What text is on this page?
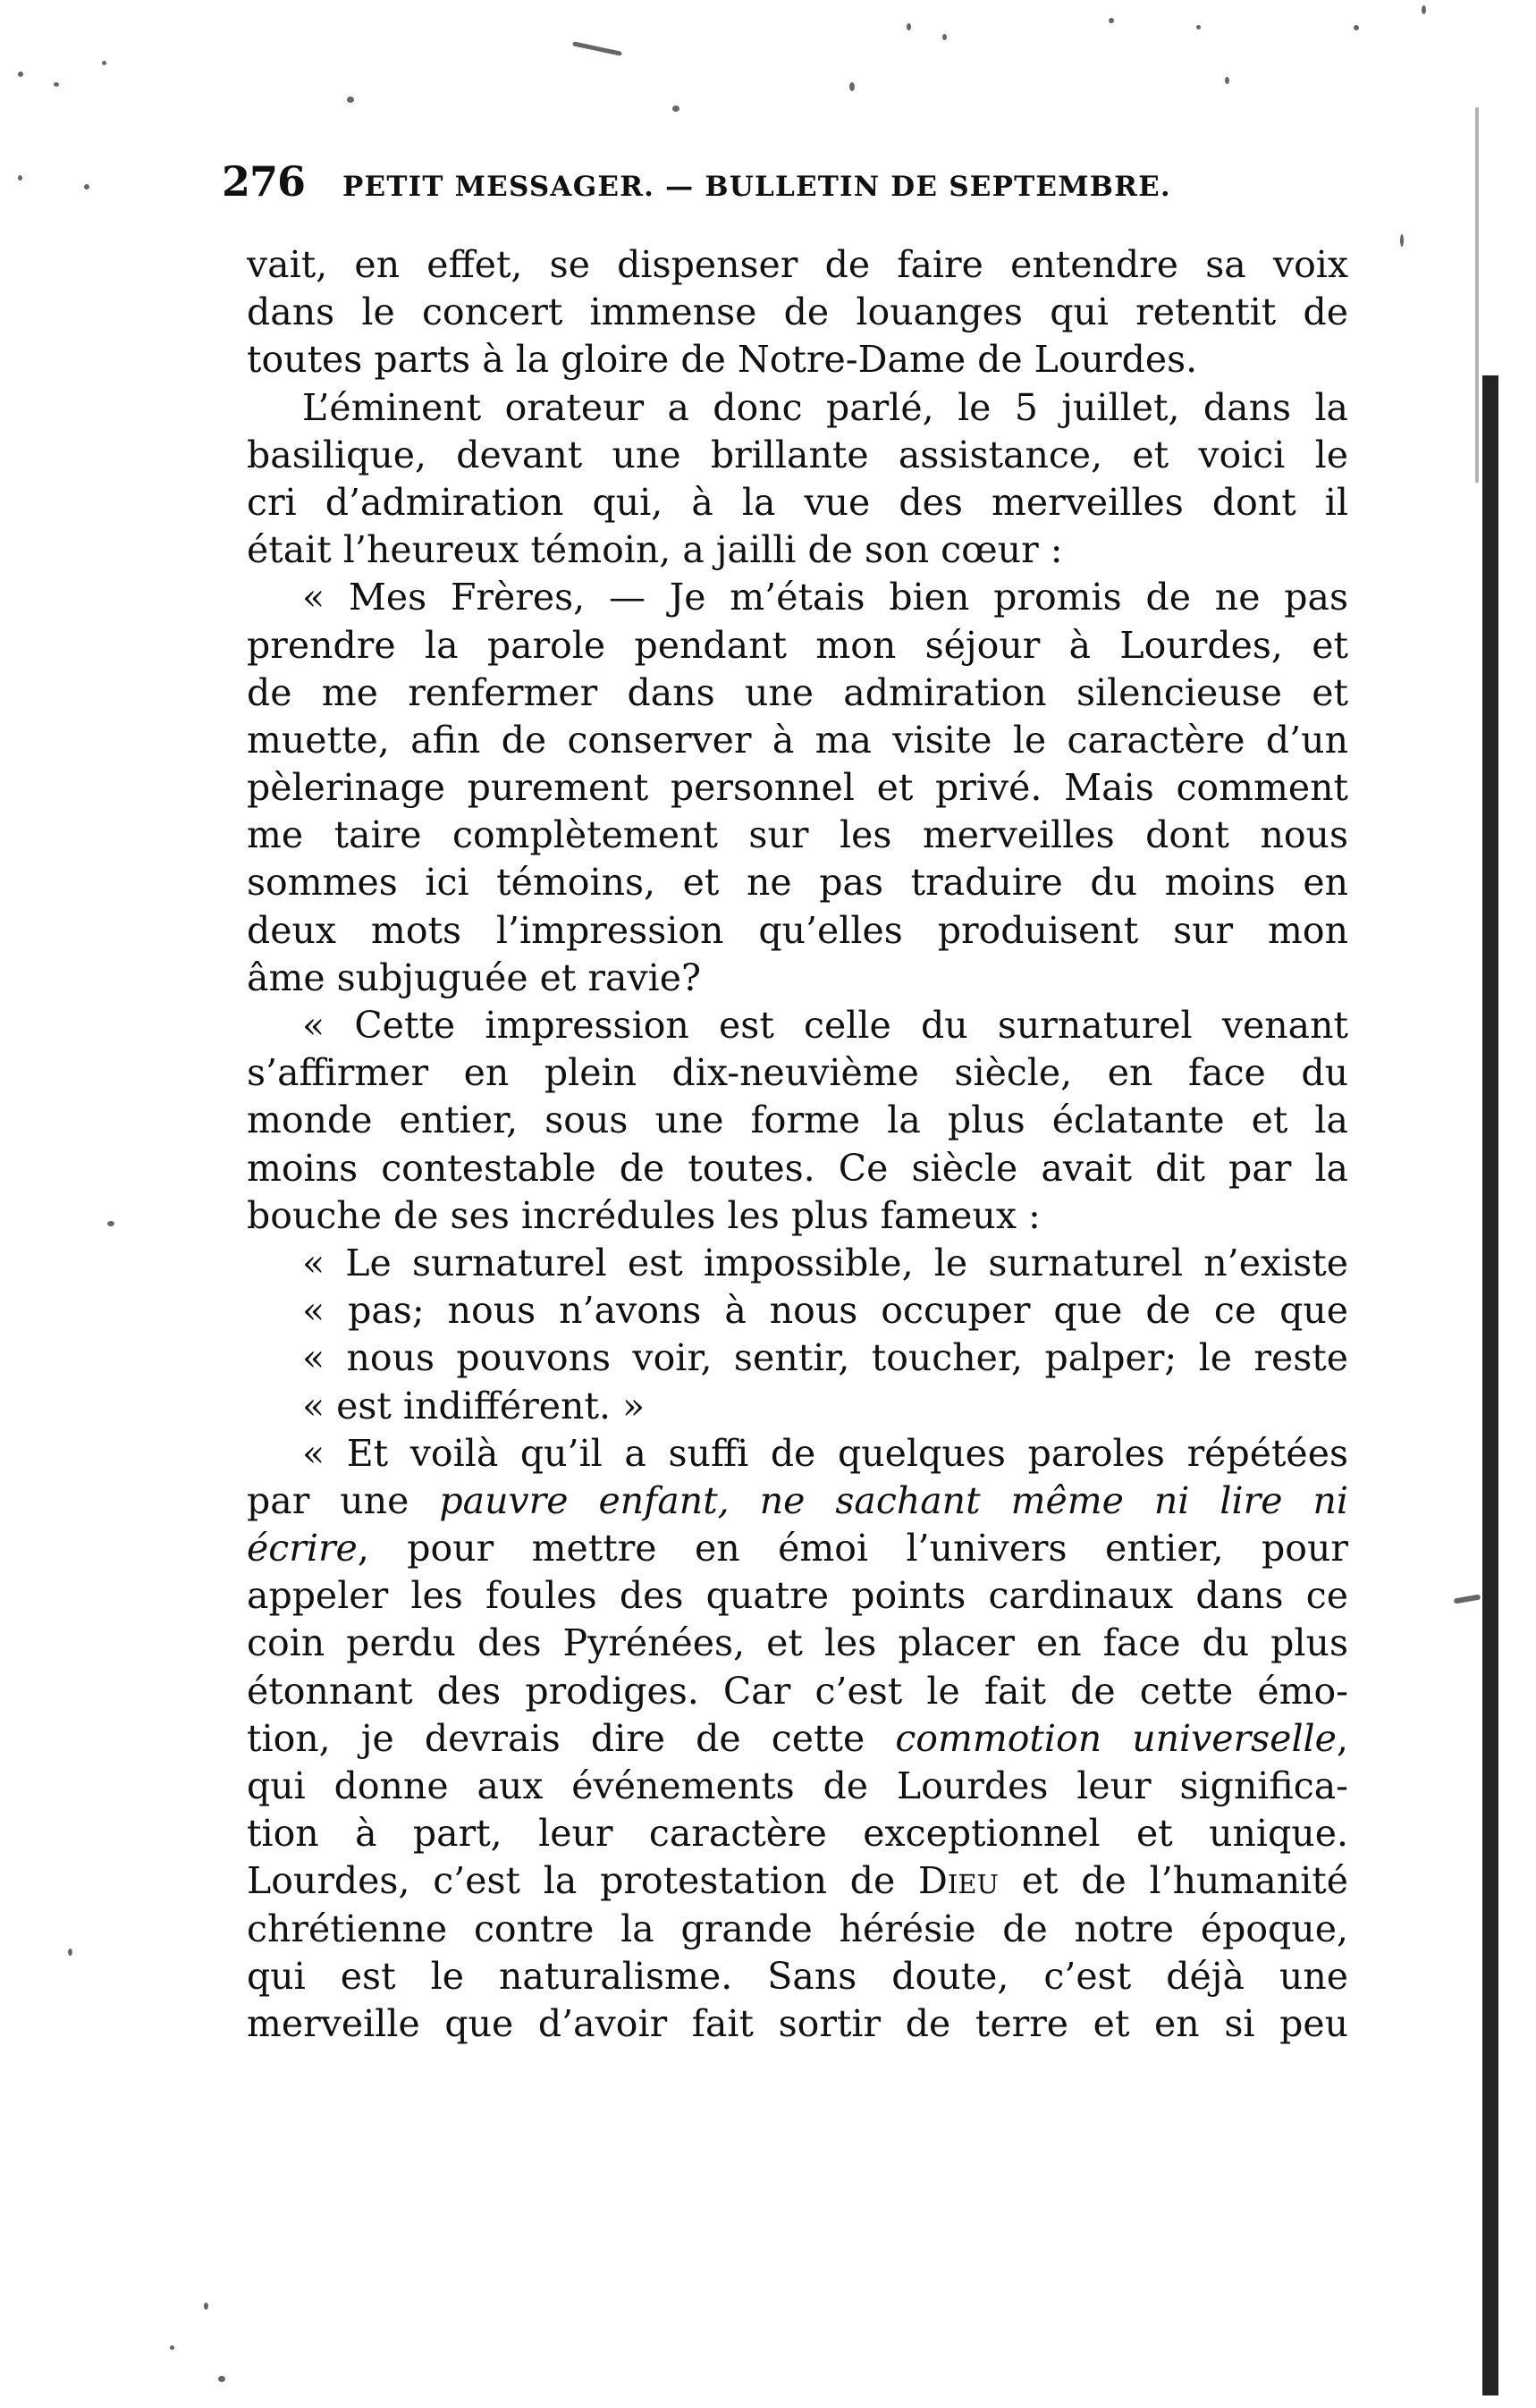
276 PETIT MESSAGER. — BULLETIN DE SEPTEMBRE.
vait, en effet, se dispenser de faire entendre sa voix
dans le concert immense de louanges qui retentit de
toutes parts à la gloire de Notre-Dame de Lourdes.
L’éminent orateur a donc parlé, le 5 juillet, dans la
basilique, devant une brillante assistance, et voici le
cri d’admiration qui, à la vue des merveilles dont il
était l’heureux témoin, a jailli de son cœur :
« Mes Frères, — Je m’étais bien promis de ne pas
prendre la parole pendant mon séjour à Lourdes, et
de me renfermer dans une admiration silencieuse et
muette, afin de conserver à ma visite le caractère d’un
pèlerinage purement personnel et privé. Mais comment
me taire complètement sur les merveilles dont nous
sommes ici témoins, et ne pas traduire du moins en
deux mots l’impression qu’elles produisent sur mon
âme subjuguée et ravie?
« Cette impression est celle du surnaturel venant
s’affirmer en plein dix-neuvième siècle, en face du
monde entier, sous une forme la plus éclatante et la
moins contestable de toutes. Ce siècle avait dit par la
bouche de ses incrédules les plus fameux :
« Le surnaturel est impossible, le surnaturel n’existe
« pas; nous n’avons à nous occuper que de ce que
« nous pouvons voir, sentir, toucher, palper; le reste
« est indifférent. »
« Et voilà qu’il a suffi de quelques paroles répétées
par une pauvre enfant, ne sachant même ni lire ni
écrire, pour mettre en émoi l’univers entier, pour
appeler les foules des quatre points cardinaux dans ce
coin perdu des Pyrénées, et les placer en face du plus
étonnant des prodiges. Car c’est le fait de cette émo-
tion, je devrais dire de cette commotion universelle,
qui donne aux événements de Lourdes leur significa-
tion à part, leur caractère exceptionnel et unique.
Lourdes, c’est la protestation de Dieu et de l’humanité
chrétienne contre la grande hérésie de notre époque,
qui est le naturalisme. Sans doute, c’est déjà une
merveille que d’avoir fait sortir de terre et en si peu
